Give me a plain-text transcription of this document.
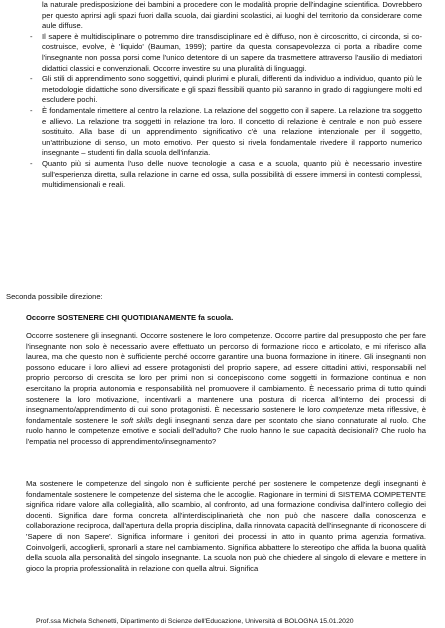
la naturale predisposizione dei bambini a procedere con le modalità proprie dell'indagine scientifica. Dovrebbero per questo aprirsi agli spazi fuori dalla scuola, dai giardini scolastici, ai luoghi del territorio da considerare come aule diffuse.

- Il sapere è multidisciplinare o potremmo dire transdisciplinare ed è diffuso, non è circoscritto, ci circonda, si co-costruisce, evolve, è 'liquido' (Bauman, 1999); partire da questa consapevolezza ci porta a ribadire come l'insegnante non possa porsi come l'unico detentore di un sapere da trasmettere attraverso l'ausilio di mediatori didattici classici e convenzionali. Occorre investire su una pluralità di linguaggi.
- Gli stili di apprendimento sono soggettivi, quindi plurimi e plurali, differenti da individuo a individuo, quanto più le metodologie didattiche sono diversificate e gli spazi flessibili quanto più saranno in grado di raggiungere molti ed escludere pochi.
- È fondamentale rimettere al centro la relazione. La relazione del soggetto con il sapere. La relazione tra soggetto e allievo. La relazione tra soggetti in relazione tra loro. Il concetto di relazione è centrale e non può essere sostituito. Alla base di un apprendimento significativo c'è una relazione intenzionale per il soggetto, un'attribuzione di senso, un moto emotivo. Per questo si rivela fondamentale rivedere il rapporto numerico insegnante – studenti fin dalla scuola dell'infanzia.
- Quanto più si aumenta l'uso delle nuove tecnologie a casa e a scuola, quanto più è necessario investire sull'esperienza diretta, sulla relazione in carne ed ossa, sulla possibilità di essere immersi in contesti complessi, multidimensionali e reali.

Seconda possibile direzione:

Occorre SOSTENERE CHI QUOTIDIANAMENTE fa scuola.

Occorre sostenere gli insegnanti. Occorre sostenere le loro competenze. Occorre partire dal presupposto che per fare l'insegnante non solo è necessario avere effettuato un percorso di formazione ricco e articolato, e mi riferisco alla laurea, ma che questo non è sufficiente perché occorre garantire una buona formazione in itinere. Gli insegnanti non possono educare i loro allievi ad essere protagonisti del proprio sapere, ad essere cittadini attivi, responsabili nel proprio percorso di crescita se loro per primi non si concepiscono come soggetti in formazione continua e non esercitano la propria autonomia e responsabilità nel promuovere il cambiamento. È necessario prima di tutto quindi sostenere la loro motivazione, incentivarli a mantenere una postura di ricerca all'interno dei processi di insegnamento/apprendimento di cui sono protagonisti. È necessario sostenere le loro competenze meta riflessive, è fondamentale sostenere le soft skills degli insegnanti senza dare per scontato che siano connaturate al ruolo. Che ruolo hanno le competenze emotive e sociali dell'adulto? Che ruolo hanno le sue capacità decisionali? Che ruolo ha l'empatia nel processo di apprendimento/insegnamento?

Ma sostenere le competenze del singolo non è sufficiente perché per sostenere le competenze degli insegnanti è fondamentale sostenere le competenze del sistema che le accoglie. Ragionare in termini di SISTEMA COMPETENTE significa ridare valore alla collegialità, allo scambio, al confronto, ad una formazione condivisa dall'intero collegio dei docenti. Significa dare forma concreta all'interdisciplinarietà che non può che nascere dalla conoscenza e collaborazione reciproca, dall'apertura della propria disciplina, dalla rinnovata capacità dell'insegnante di riconoscere di 'Sapere di non Sapere'. Significa informare i genitori dei processi in atto in quanto prima agenzia formativa. Coinvolgerli, accoglierli, spronarli a stare nel cambiamento. Significa abbattere lo stereotipo che affida la buona qualità della scuola alla personalità del singolo insegnante. La scuola non può che chiedere al singolo di elevare e mettere in gioco la propria professionalità in relazione con quella altrui. Significa

Prof.ssa Michela Schenetti, Dipartimento di Scienze dell'Educazione, Università di BOLOGNA 15.01.2020
